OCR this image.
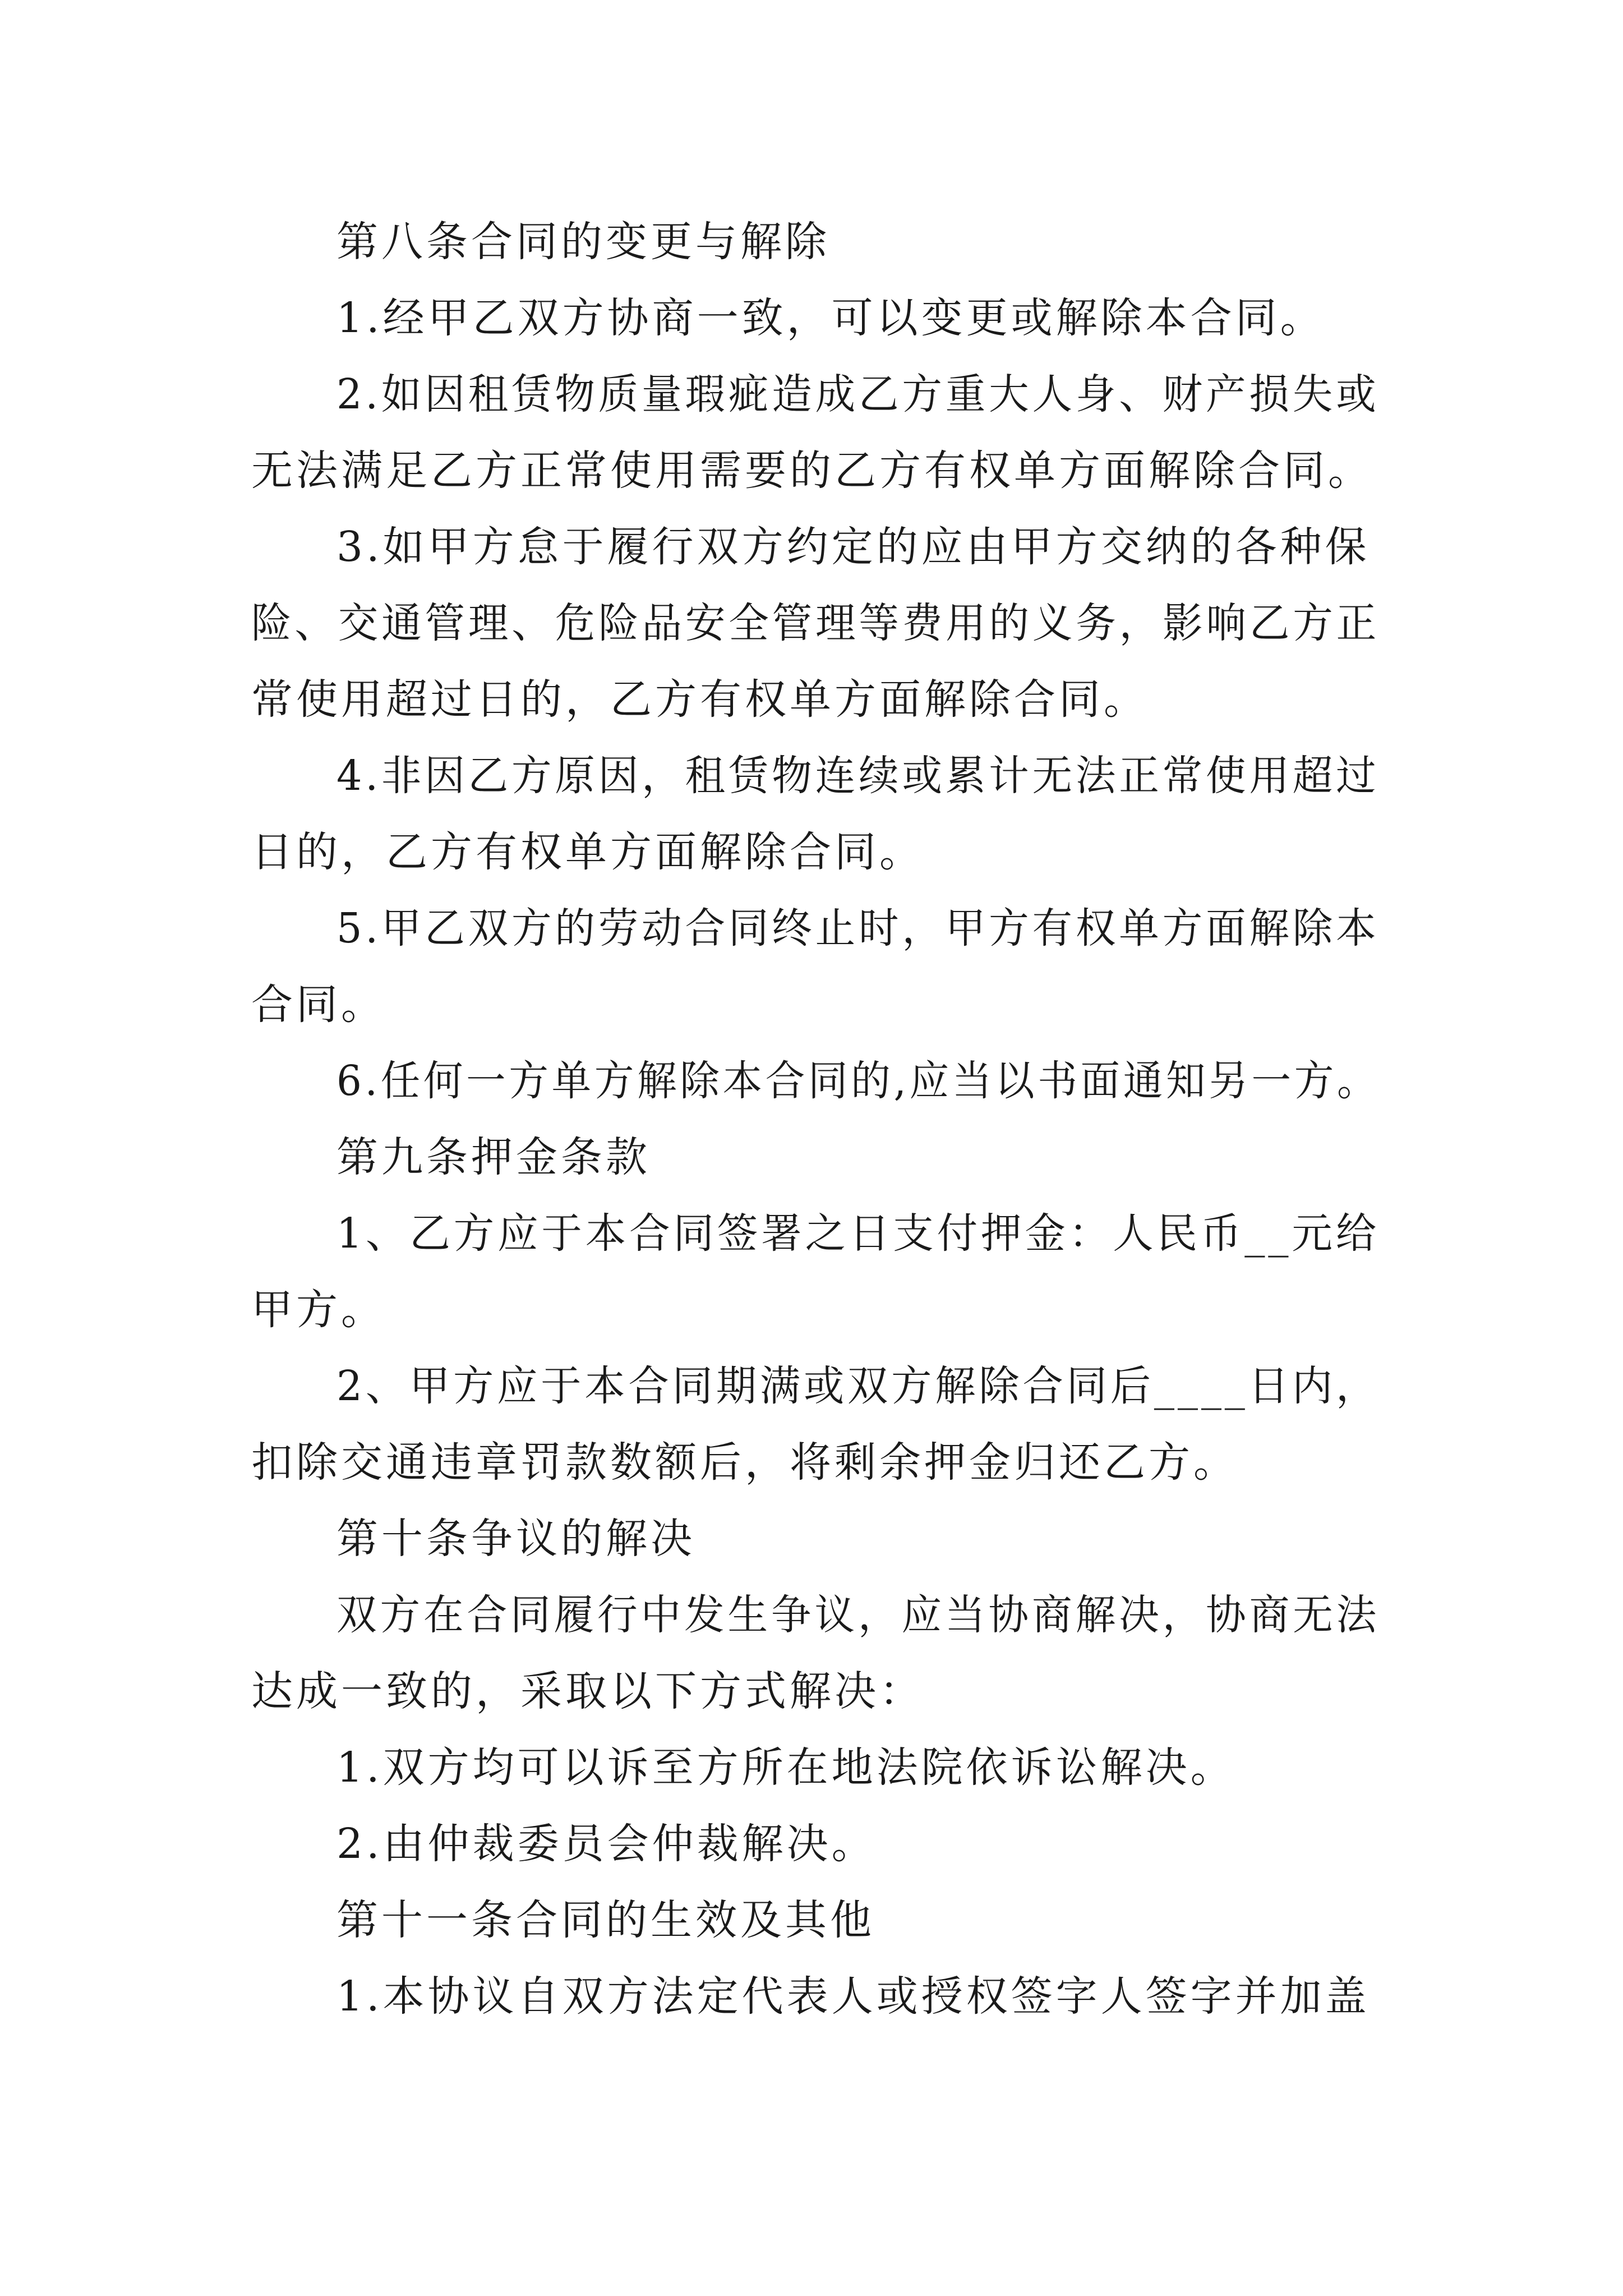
第八条合同的变更与解除

1.经甲乙双方协商一致，可以变更或解除本合同。

2.如因租赁物质量瑕疵造成乙方重大人身、财产损失或

无法满足乙方正常使用需要的乙方有权单方面解除合同。

3.如甲方怠于履行双方约定的应由甲方交纳的各种保

险、交通管理、危险品安全管理等费用的义务，影响乙方正

常使用超过日的，乙方有权单方面解除合同。

4.非因乙方原因，租赁物连续或累计无法正常使用超过

日的，乙方有权单方面解除合同。

5.甲乙双方的劳动合同终止时，甲方有权单方面解除本

合同。

6.任何一方单方解除本合同的,应当以书面通知另一方。

第九条押金条款

1、乙方应于本合同签署之日支付押金：人民币__元给

甲方。

2、甲方应于本合同期满或双方解除合同后____日内，

扣除交通违章罚款数额后，将剩余押金归还乙方。

第十条争议的解决

双方在合同履行中发生争议，应当协商解决，协商无法

达成一致的，采取以下方式解决：

1.双方均可以诉至方所在地法院依诉讼解决。

2.由仲裁委员会仲裁解决。

第十一条合同的生效及其他

1.本协议自双方法定代表人或授权签字人签字并加盖
